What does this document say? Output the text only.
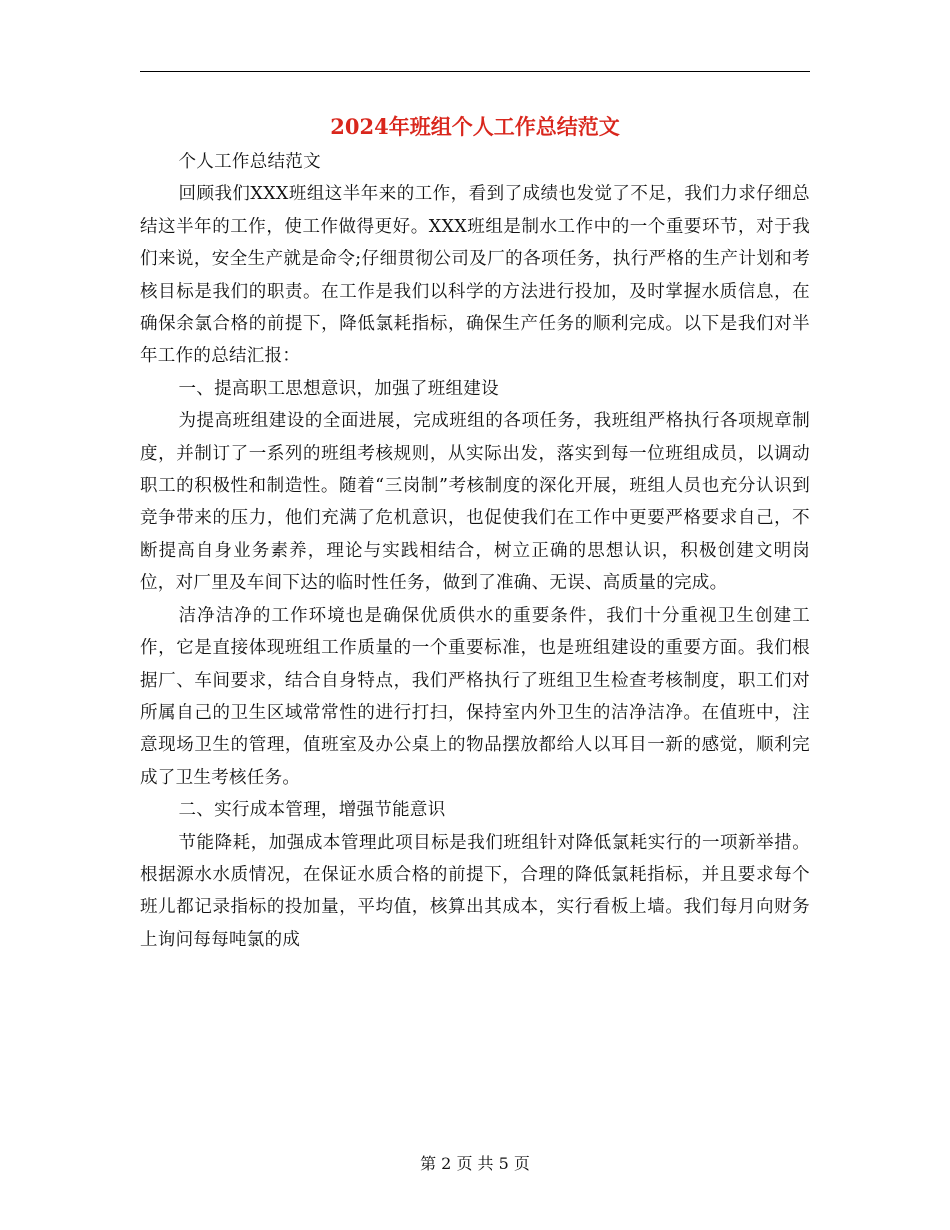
2024年班组个人工作总结范文

个人工作总结范文

回顾我们XXX班组这半年来的工作，看到了成绩也发觉了不足，我们力求仔细总结这半年的工作，使工作做得更好。XXX班组是制水工作中的一个重要环节，对于我们来说，安全生产就是命令;仔细贯彻公司及厂的各项任务，执行严格的生产计划和考核目标是我们的职责。在工作是我们以科学的方法进行投加，及时掌握水质信息，在确保余氯合格的前提下，降低氯耗指标，确保生产任务的顺利完成。以下是我们对半年工作的总结汇报：

一、提高职工思想意识，加强了班组建设

为提高班组建设的全面进展，完成班组的各项任务，我班组严格执行各项规章制度，并制订了一系列的班组考核规则，从实际出发，落实到每一位班组成员，以调动职工的积极性和制造性。随着“三岗制”考核制度的深化开展，班组人员也充分认识到竞争带来的压力，他们充满了危机意识，也促使我们在工作中更要严格要求自己，不断提高自身业务素养，理论与实践相结合，树立正确的思想认识，积极创建文明岗位，对厂里及车间下达的临时性任务，做到了准确、无误、高质量的完成。

洁净洁净的工作环境也是确保优质供水的重要条件，我们十分重视卫生创建工作，它是直接体现班组工作质量的一个重要标准，也是班组建设的重要方面。我们根据厂、车间要求，结合自身特点，我们严格执行了班组卫生检查考核制度，职工们对所属自己的卫生区域常常性的进行打扫，保持室内外卫生的洁净洁净。在值班中，注意现场卫生的管理，值班室及办公桌上的物品摆放都给人以耳目一新的感觉，顺利完成了卫生考核任务。

二、实行成本管理，增强节能意识

节能降耗，加强成本管理此项目标是我们班组针对降低氯耗实行的一项新举措。根据源水水质情况，在保证水质合格的前提下，合理的降低氯耗指标，并且要求每个班儿都记录指标的投加量，平均值，核算出其成本，实行看板上墙。我们每月向财务上询问每每吨氯的成

第 2 页 共 5 页
